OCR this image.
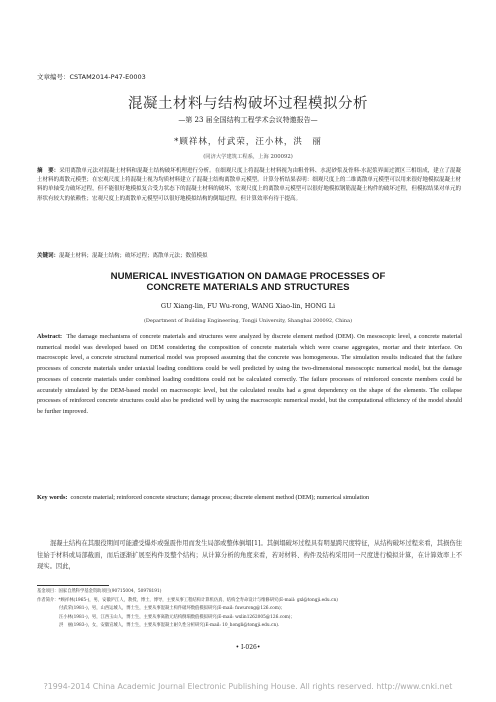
文章编号：CSTAM2014-P47-E0003
混凝土材料与结构破坏过程模拟分析
—第 23 届全国结构工程学术会议特邀报告—
*顾祥林，付武荣，汪小林，洪　丽
(同济大学建筑工程系，上海 200092)
摘　要：采用离散单元法对混凝土材料和混凝土结构破坏机理进行分析。在细观尺度上将混凝土材料视为由粗骨料、水泥砂浆及骨料-水泥浆界面过渡区三相组成，建立了混凝土材料的离散元模型；在宏观尺度上将混凝土视为均质材料建立了混凝土结构离散单元模型。计算分析结果表明：细观尺度上的二维离散单元模型可以用来很好地模拟混凝土材料的单轴受力破坏过程，但不能很好地模拟复合受力状态下的混凝土材料的破坏，宏观尺度上的离散单元模型可以很好地模拟钢筋混凝土构件的破坏过程，但模拟结果对单元的形状有较大的依赖性；宏观尺度上的离散单元模型可以很好地模拟结构的倒塌过程，但计算效率有待于提高。
关键词：混凝土材料；混凝土结构；破坏过程；离散单元法；数值模拟
NUMERICAL INVESTIGATION ON DAMAGE PROCESSES OF
CONCRETE MATERIALS AND STRUCTURES
GU Xiang-lin, FU Wu-rong, WANG Xiao-lin, HONG Li
(Department of Building Engineering, Tongji University, Shanghai 200092, China)
Abstract: The damage mechanisms of concrete materials and structures were analyzed by discrete element method (DEM). On mesoscopic level, a concrete material numerical model was developed based on DEM considering the composition of concrete materials which were coarse aggregates, mortar and their interface. On macroscopic level, a concrete structural numerical model was proposed assuming that the concrete was homogeneous. The simulation results indicated that the failure processes of concrete materials under uniaxial loading conditions could be well predicted by using the two-dimensional mesoscopic numerical model, but the damage processes of concrete materials under combined loading conditions could not be calculated correctly. The failure processes of reinforced concrete members could be accurately simulated by the DEM-based model on macroscopic level, but the calculated results had a great dependency on the shape of the elements. The collapse processes of reinforced concrete structures could also be predicted well by using the macroscopic numerical model, but the computational efficiency of the model should be further improved.
Key words: concrete material; reinforced concrete structure; damage process; discrete element method (DEM); numerical simulation
混凝土结构在其服役期间可能遭受爆炸或强震作用而发生局部或整体倒塌[1]。其倒塌破坏过程具有明显跨尺度特征，从结构破坏过程来看，其损伤往往始于材料或局部截面，而后逐渐扩展至构件及整个结构；从计算分析的角度来看，若对材料、构件及结构采用同一尺度进行模拟计算，在计算效率上不现实。因此，
基金项目：国家自然科学基金资助项目(90715004，50978191)
作者简介：*顾祥林(1965-)，男，安徽庐江人，教授，博士，博导，主要从事工程结构计算机仿真、结构全寿命设计与维修研究(E-mail: gxl@tongji.edu.cn)
付武荣(1981-)，男，山西运城人，博士生，主要从事混凝土构件破坏数值模拟研究(E-mail: fuwurong@126.com)；
汪小林(1981-)，男，江西玉山人，博士生，主要从事离散元结构倒塌数值模拟研究(E-mail: wxlin1262005@126.com)；
洪　丽(1983-)，女，安徽宣城人，博士生，主要从事混凝土耐久性分析研究(E-mail: 10_hongli@tongji.edu.cn).
• Ⅰ-026•
?1994-2014 China Academic Journal Electronic Publishing House. All rights reserved. http://www.cnki.net
